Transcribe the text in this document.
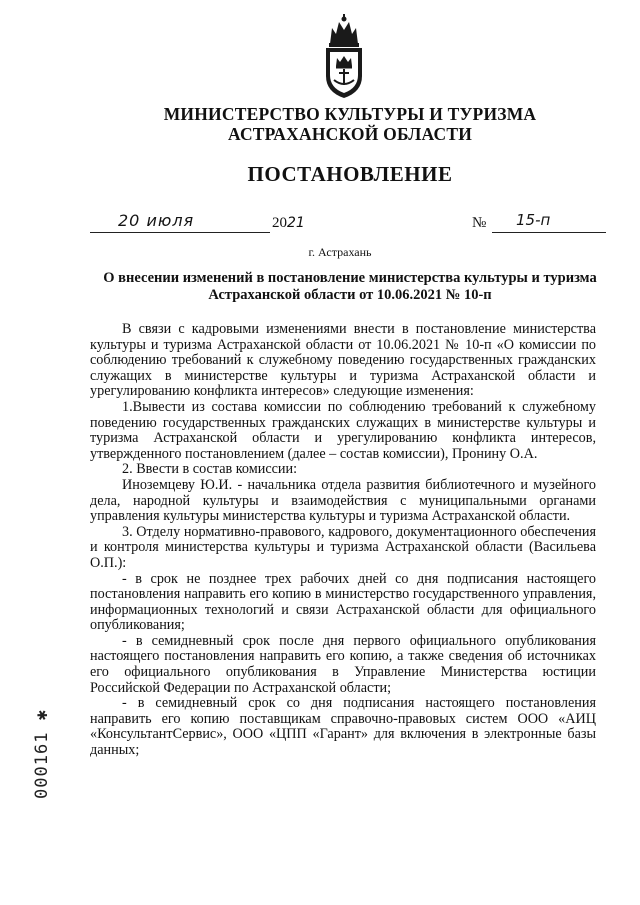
МИНИСТЕРСТВО КУЛЬТУРЫ И ТУРИЗМА
АСТРАХАНСКОЙ ОБЛАСТИ
ПОСТАНОВЛЕНИЕ
20 июля	2021	№ 15-п
г. Астрахань
О внесении изменений в постановление министерства культуры и туризма Астраханской области от 10.06.2021 № 10-п

В связи с кадровыми изменениями внести в постановление министерства культуры и туризма Астраханской области от 10.06.2021 № 10-п «О комиссии по соблюдению требований к служебному поведению государственных гражданских служащих в министерстве культуры и туризма Астраханской области и урегулированию конфликта интересов» следующие изменения:

1.Вывести из состава комиссии по соблюдению требований к служебному поведению государственных гражданских служащих в министерстве культуры и туризма Астраханской области и урегулированию конфликта интересов, утвержденного постановлением (далее – состав комиссии), Пронину О.А.

2. Ввести в состав комиссии:

Иноземцеву Ю.И. - начальника отдела развития библиотечного и музейного дела, народной культуры и взаимодействия с муниципальными органами управления культуры министерства культуры и туризма Астраханской области.

3. Отделу нормативно-правового, кадрового, документационного обеспечения и контроля министерства культуры и туризма Астраханской области (Васильева О.П.):

- в срок не позднее трех рабочих дней со дня подписания настоящего постановления направить его копию в министерство государственного управления, информационных технологий и связи Астраханской области для официального опубликования;

- в семидневный срок после дня первого официального опубликования настоящего постановления направить его копию, а также сведения об источниках его официального опубликования в Управление Министерства юстиции Российской Федерации по Астраханской области;

- в семидневный срок со дня подписания настоящего постановления направить его копию поставщикам справочно-правовых систем ООО «АИЦ «КонсультантСервис», ООО «ЦПП «Гарант» для включения в электронные базы данных;

000161 ✱
